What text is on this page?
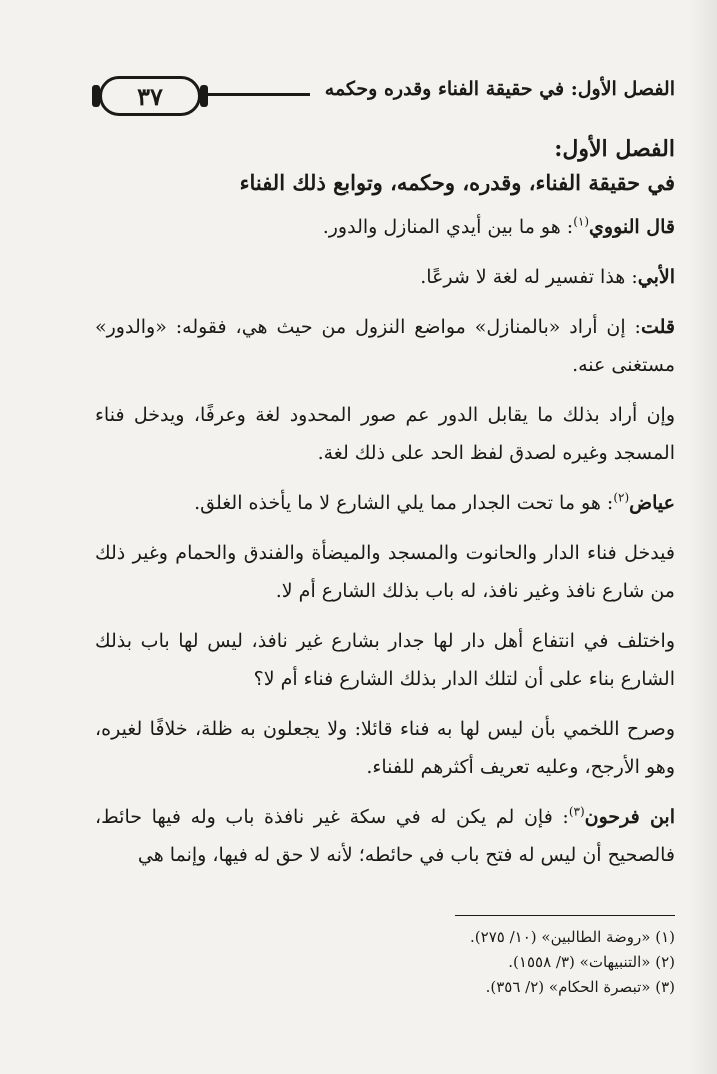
٣٧	الفصل الأول: في حقيقة الفناء وقدره وحكمه

الفصل الأول:

في حقيقة الفناء، وقدره، وحكمه، وتوابع ذلك الفناء

قال النووي$^{(١)}$: هو ما بين أيدي المنازل والدور.

الأبي: هذا تفسير له لغة لا شرعًا.

قلت: إن أراد «بالمنازل» مواضع النزول من حيث هي، فقوله: «والدور» مستغنى عنه.

وإن أراد بذلك ما يقابل الدور عم صور المحدود لغة وعرفًا، ويدخل فناء المسجد وغيره لصدق لفظ الحد على ذلك لغة.

عياض$^{(٢)}$: هو ما تحت الجدار مما يلي الشارع لا ما يأخذه الغلق.

فيدخل فناء الدار والحانوت والمسجد والميضأة والفندق والحمام وغير ذلك من شارع نافذ وغير نافذ، له باب بذلك الشارع أم لا.

واختلف في انتفاع أهل دار لها جدار بشارع غير نافذ، ليس لها باب بذلك الشارع بناء على أن لتلك الدار بذلك الشارع فناء أم لا؟

وصرح اللخمي بأن ليس لها به فناء قائلا: ولا يجعلون به ظلة، خلافًا لغيره، وهو الأرجح، وعليه تعريف أكثرهم للفناء.

ابن فرحون$^{(٣)}$: فإن لم يكن له في سكة غير نافذة باب وله فيها حائط، فالصحيح أن ليس له فتح باب في حائطه؛ لأنه لا حق له فيها، وإنما هي

(١) «روضة الطالبين» (١٠/ ٢٧٥).

(٢) «التنبيهات» (٣/ ١٥٥٨).

(٣) «تبصرة الحكام» (٢/ ٣٥٦).
